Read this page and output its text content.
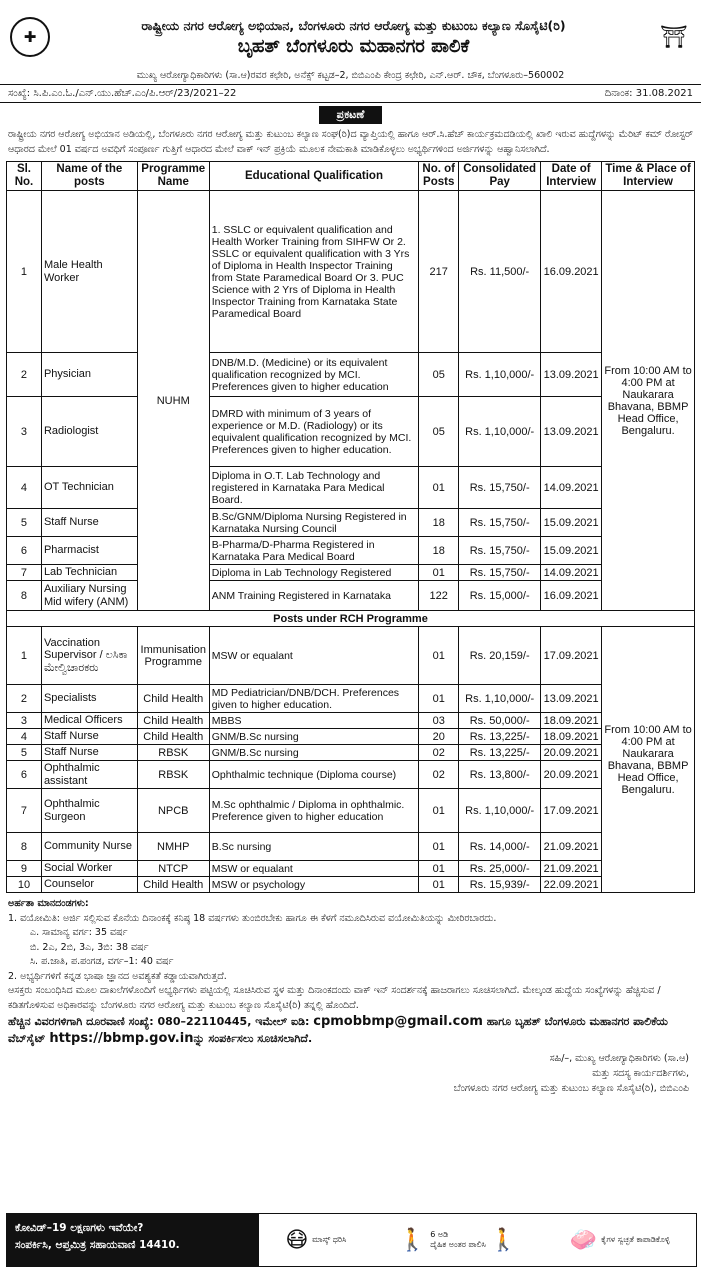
✚
ರಾಷ್ಟ್ರೀಯ ನಗರ ಆರೋಗ್ಯ ಅಭಿಯಾನ, ಬೆಂಗಳೂರು ನಗರ ಆರೋಗ್ಯ ಮತ್ತು ಕುಟುಂಬ ಕಲ್ಯಾಣ ಸೊಸೈಟಿ(ರಿ)
ಬೃಹತ್ ಬೆಂಗಳೂರು ಮಹಾನಗರ ಪಾಲಿಕೆ	⛩
ಮುಖ್ಯ ಆರೋಗ್ಯಾಧಿಕಾರಿಗಳು (ಸಾ.ಆ)ರವರ ಕಛೇರಿ, ಅನೆಕ್ಸ್ ಕಟ್ಟಡ–2, ಬಿಬಿಎಂಪಿ ಕೇಂದ್ರ ಕಛೇರಿ, ಎನ್.ಆರ್. ಚೌಕ, ಬೆಂಗಳೂರು–560002
ಸಂಖ್ಯೆ: ಸಿ.ಪಿ.ಎಂ.ಓ./ಎನ್.ಯು.ಹೆಚ್.ಎಂ/ಪಿ.ಆರ್/23/2021–22	ದಿನಾಂಕ: 31.08.2021
ಪ್ರಕಟಣೆ
ರಾಷ್ಟ್ರೀಯ ನಗರ ಆರೋಗ್ಯ ಅಭಿಯಾನ ಅಡಿಯಲ್ಲಿ, ಬೆಂಗಳೂರು ನಗರ ಆರೋಗ್ಯ ಮತ್ತು ಕುಟುಂಬ ಕಲ್ಯಾಣ ಸಂಘ(ರಿ)ದ ವ್ಯಾಪ್ತಿಯಲ್ಲಿ ಹಾಗೂ ಆರ್.ಸಿ.ಹೆಚ್ ಕಾರ್ಯಕ್ರಮದಡಿಯಲ್ಲಿ ಖಾಲಿ ಇರುವ ಹುದ್ದೆಗಳನ್ನು ಮೆರಿಟ್ ಕಮ್ ರೋಸ್ಟರ್ ಆಧಾರದ ಮೇಲೆ 01 ವರ್ಷದ ಅವಧಿಗೆ ಸಂಪೂರ್ಣ ಗುತ್ತಿಗೆ ಆಧಾರದ ಮೇಲೆ ವಾಕ್ ಇನ್ ಪ್ರಕ್ರಿಯೆ ಮೂಲಕ ನೇಮಕಾತಿ ಮಾಡಿಕೊಳ್ಳಲು ಅಭ್ಯರ್ಥಿಗಳಿಂದ ಅರ್ಜಿಗಳನ್ನು ಆಹ್ವಾನಿಸಲಾಗಿದೆ.
Sl. No.	Name of the posts	Programme Name	Educational Qualification	No. of Posts	Consolidated Pay	Date of Interview	Time & Place of Interview
1	Male Health Worker	NUHM	1. SSLC or equivalent qualification and Health Worker Training from SIHFW Or 2. SSLC or equivalent qualification with 3 Yrs of Diploma in Health Inspector Training from State Paramedical Board Or 3. PUC Science with 2 Yrs of Diploma in Health Inspector Training from Karnataka State Paramedical Board	217	Rs. 11,500/-	16.09.2021	From 10:00 AM to 4:00 PM at Naukarara Bhavana, BBMP Head Office, Bengaluru.
2	Physician		DNB/M.D. (Medicine) or its equivalent qualification recognized by MCI. Preferences given to higher education	05	Rs. 1,10,000/-	13.09.2021	
3	Radiologist		DMRD with minimum of 3 years of experience or M.D. (Radiology) or its equivalent qualification recognized by MCI. Preferences given to higher education.	05	Rs. 1,10,000/-	13.09.2021	
4	OT Technician		Diploma in O.T. Lab Technology and registered in Karnataka Para Medical Board.	01	Rs. 15,750/-	14.09.2021	
5	Staff Nurse		B.Sc/GNM/Diploma Nursing Registered in Karnataka Nursing Council	18	Rs. 15,750/-	15.09.2021	
6	Pharmacist		B-Pharma/D-Pharma Registered in Karnataka Para Medical Board	18	Rs. 15,750/-	15.09.2021	
7	Lab Technician		Diploma in Lab Technology Registered	01	Rs. 15,750/-	14.09.2021	
8	Auxiliary Nursing Mid wifery (ANM)		ANM Training Registered in Karnataka	122	Rs. 15,000/-	16.09.2021	
Posts under RCH Programme							
1	Vaccination Supervisor / ಲಸಿಕಾ ಮೇಲ್ವಿಚಾರಕರು	Immunisation Programme	MSW or equalant	01	Rs. 20,159/-	17.09.2021	From 10:00 AM to 4:00 PM at Naukarara Bhavana, BBMP Head Office, Bengaluru.
2	Specialists	Child Health	MD Pediatrician/DNB/DCH. Preferences given to higher education.	01	Rs. 1,10,000/-	13.09.2021	
3	Medical Officers	Child Health	MBBS	03	Rs. 50,000/-	18.09.2021	
4	Staff Nurse	Child Health	GNM/B.Sc nursing	20	Rs. 13,225/-	18.09.2021	
5	Staff Nurse	RBSK	GNM/B.Sc nursing	02	Rs. 13,225/-	20.09.2021	
6	Ophthalmic assistant	RBSK	Ophthalmic technique (Diploma course)	02	Rs. 13,800/-	20.09.2021	
7	Ophthalmic Surgeon	NPCB	M.Sc ophthalmic / Diploma in ophthalmic. Preference given to higher education	01	Rs. 1,10,000/-	17.09.2021	
8	Community Nurse	NMHP	B.Sc nursing	01	Rs. 14,000/-	21.09.2021	
9	Social Worker	NTCP	MSW or equalant	01	Rs. 25,000/-	21.09.2021	
10	Counselor	Child Health	MSW or psychology	01	Rs. 15,939/-	22.09.2021	
ಅರ್ಹತಾ ಮಾನದಂಡಗಳು:
1. ವಯೋಮಿತಿ: ಅರ್ಜಿ ಸಲ್ಲಿಸುವ ಕೊನೆಯ ದಿನಾಂಕಕ್ಕೆ ಕನಿಷ್ಠ 18 ವರ್ಷಗಳು ತುಂಬಿರಬೇಕು ಹಾಗೂ ಈ ಕೆಳಗೆ ನಮೂದಿಸಿರುವ ವಯೋಮಿತಿಯನ್ನು ಮೀರಿರಬಾರದು.
ಎ. ಸಾಮಾನ್ಯ ವರ್ಗ: 35 ವರ್ಷ
ಬಿ. 2ಎ, 2ಬಿ, 3ಎ, 3ಬಿ: 38 ವರ್ಷ
ಸಿ. ಪ.ಜಾತಿ, ಪ.ಪಂಗಡ, ವರ್ಗ–1: 40 ವರ್ಷ
2. ಅಭ್ಯರ್ಥಿಗಳಿಗೆ ಕನ್ನಡ ಭಾಷಾ ಜ್ಞಾನದ ಅವಶ್ಯಕತೆ ಕಡ್ಡಾಯವಾಗಿರುತ್ತದೆ.
ಆಸಕ್ತರು ಸಂಬಂಧಿಸಿದ ಮೂಲ ದಾಖಲೆಗಳೊಂದಿಗೆ ಅಭ್ಯರ್ಥಿಗಳು ಪಟ್ಟಿಯಲ್ಲಿ ಸೂಚಿಸಿರುವ ಸ್ಥಳ ಮತ್ತು ದಿನಾಂಕದಂದು ವಾಕ್ ಇನ್ ಸಂದರ್ಶನಕ್ಕೆ ಹಾಜರಾಗಲು ಸೂಚಿಸಲಾಗಿದೆ. ಮೇಲ್ಕಂಡ ಹುದ್ದೆಯ ಸಂಖ್ಯೆಗಳನ್ನು ಹೆಚ್ಚಿಸುವ / ಕಡಿತಗೊಳಿಸುವ ಅಧಿಕಾರವನ್ನು ಬೆಂಗಳೂರು ನಗರ ಆರೋಗ್ಯ ಮತ್ತು ಕುಟುಂಬ ಕಲ್ಯಾಣ ಸೊಸೈಟಿ(ರಿ) ತನ್ನಲ್ಲಿ ಹೊಂದಿದೆ.
ಹೆಚ್ಚಿನ ವಿವರಗಳಿಗಾಗಿ ದೂರವಾಣಿ ಸಂಖ್ಯೆ: 080–22110445, ಇಮೇಲ್ ಐಡಿ: cpmobbmp@gmail.com ಹಾಗೂ ಬೃಹತ್ ಬೆಂಗಳೂರು ಮಹಾನಗರ ಪಾಲಿಕೆಯ ವೆಬ್‌ಸೈಟ್ https://bbmp.gov.inನ್ನು ಸಂಪರ್ಕಿಸಲು ಸೂಚಿಸಲಾಗಿದೆ.
ಸಹಿ/–, ಮುಖ್ಯ ಆರೋಗ್ಯಾಧಿಕಾರಿಗಳು (ಸಾ.ಆ)
ಮತ್ತು ಸದಸ್ಯ ಕಾರ್ಯದರ್ಶಿಗಳು,
ಬೆಂಗಳೂರು ನಗರ ಆರೋಗ್ಯ ಮತ್ತು ಕುಟುಂಬ ಕಲ್ಯಾಣ ಸೊಸೈಟಿ(ರಿ), ಬಿಬಿಎಂಪಿ
ಕೋವಿಡ್–19 ಲಕ್ಷಣಗಳು ಇವೆಯೇ?
ಸಂಪರ್ಕಿಸಿ, ಆಪ್ತಮಿತ್ರ ಸಹಾಯವಾಣಿ 14410.	😷 ಮಾಸ್ಕ್ ಧರಿಸಿ 🚶 6 ಅಡಿ
ದೈಹಿಕ ಅಂತರ ಪಾಲಿಸಿ 🚶 🧼 ಕೈಗಳ ಸ್ವಚ್ಛತೆ ಕಾಪಾಡಿಕೊಳ್ಳಿ
